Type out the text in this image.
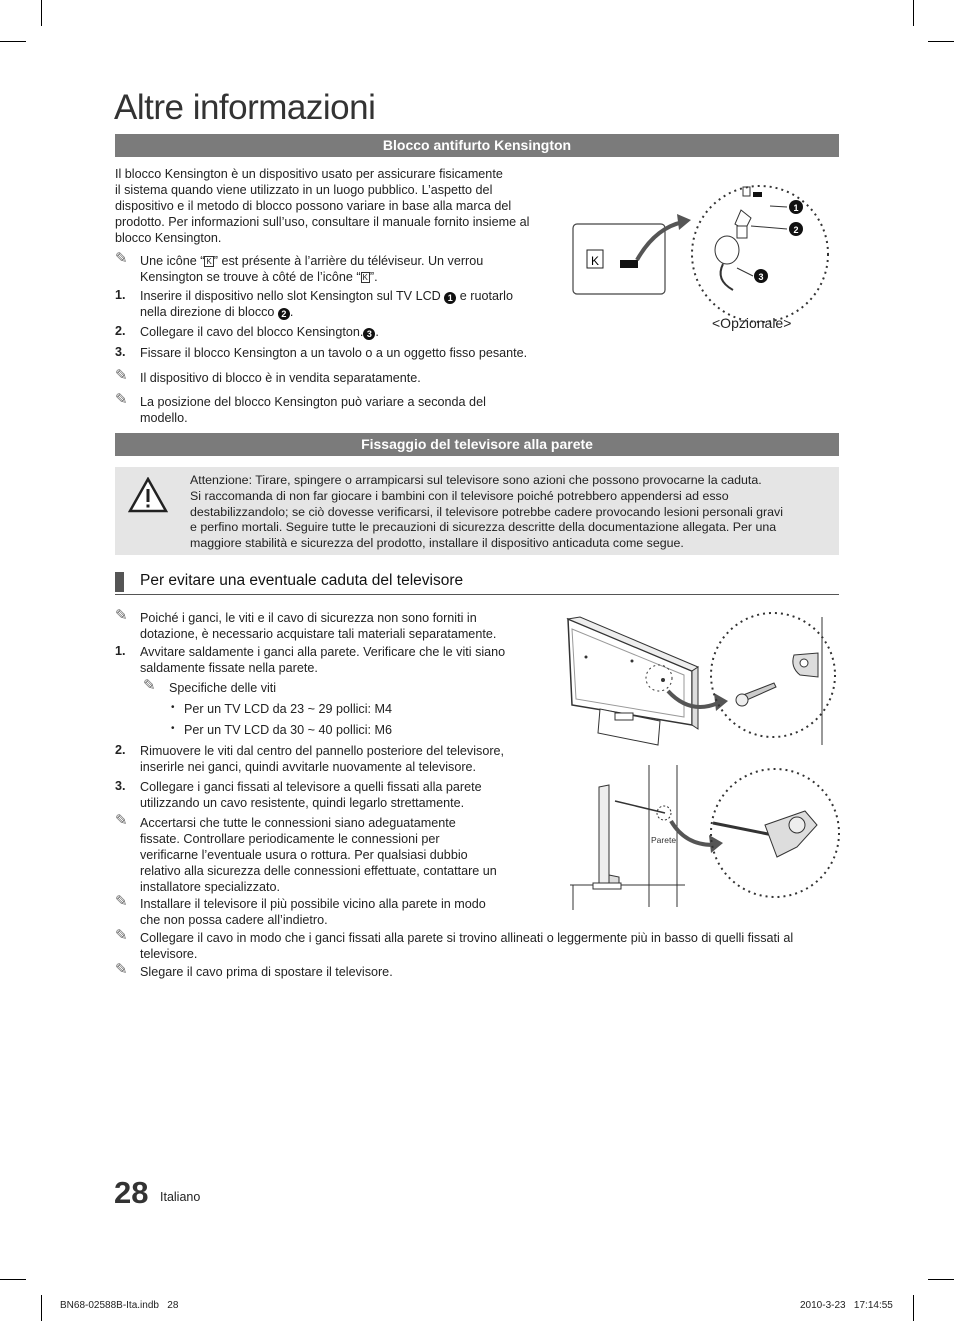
Altre informazioni
Blocco antifurto Kensington
Il blocco Kensington è un dispositivo usato per assicurare fisicamente
il sistema quando viene utilizzato in un luogo pubblico. L’aspetto del
dispositivo e il metodo di blocco possono variare in base alla marca del
prodotto. Per informazioni sull’uso, consultare il manuale fornito insieme al
blocco Kensington.
✎ Une icône “ K ” est présente à l’arrière du téléviseur. Un verrou
Kensington se trouve à côté de l’icône “ K ”.
1. Inserire il dispositivo nello slot Kensington sul TV LCD 1 e ruotarlo
nella direzione di blocco 2 .
2. Collegare il cavo del blocco Kensington. 3 .
3. Fissare il blocco Kensington a un tavolo o a un oggetto fisso pesante.
✎ Il dispositivo di blocco è in vendita separatamente.
✎ La posizione del blocco Kensington può variare a seconda del
modello.
K
1
2
3
<Opzionale>
Fissaggio del televisore alla parete
Attenzione: Tirare, spingere o arrampicarsi sul televisore sono azioni che possono provocarne la caduta.
Si raccomanda di non far giocare i bambini con il televisore poiché potrebbero appendersi ad esso
destabilizzandolo; se ciò dovesse verificarsi, il televisore potrebbe cadere provocando lesioni personali gravi
e perfino mortali. Seguire tutte le precauzioni di sicurezza descritte della documentazione allegata. Per una
maggiore stabilità e sicurezza del prodotto, installare il dispositivo anticaduta come segue.
Per evitare una eventuale caduta del televisore
✎ Poiché i ganci, le viti e il cavo di sicurezza non sono forniti in
dotazione, è necessario acquistare tali materiali separatamente.
1. Avvitare saldamente i ganci alla parete. Verificare che le viti siano
saldamente fissate nella parete.
✎ Specifiche delle viti
• Per un TV LCD da 23 ~ 29 pollici: M4
• Per un TV LCD da 30 ~ 40 pollici: M6
2. Rimuovere le viti dal centro del pannello posteriore del televisore,
inserirle nei ganci, quindi avvitarle nuovamente al televisore.
3. Collegare i ganci fissati al televisore a quelli fissati alla parete
utilizzando un cavo resistente, quindi legarlo strettamente.
✎ Accertarsi che tutte le connessioni siano adeguatamente
fissate. Controllare periodicamente le connessioni per
verificarne l’eventuale usura o rottura. Per qualsiasi dubbio
relativo alla sicurezza delle connessioni effettuate, contattare un
installatore specializzato.
✎ Installare il televisore il più possibile vicino alla parete in modo
che non possa cadere all’indietro.
✎ Collegare il cavo in modo che i ganci fissati alla parete si trovino allineati o leggermente più in basso di quelli fissati al
televisore.
✎ Slegare il cavo prima di spostare il televisore.
Parete
28 Italiano
BN68-02588B-Ita.indb   28	2010-3-23   17:14:55
